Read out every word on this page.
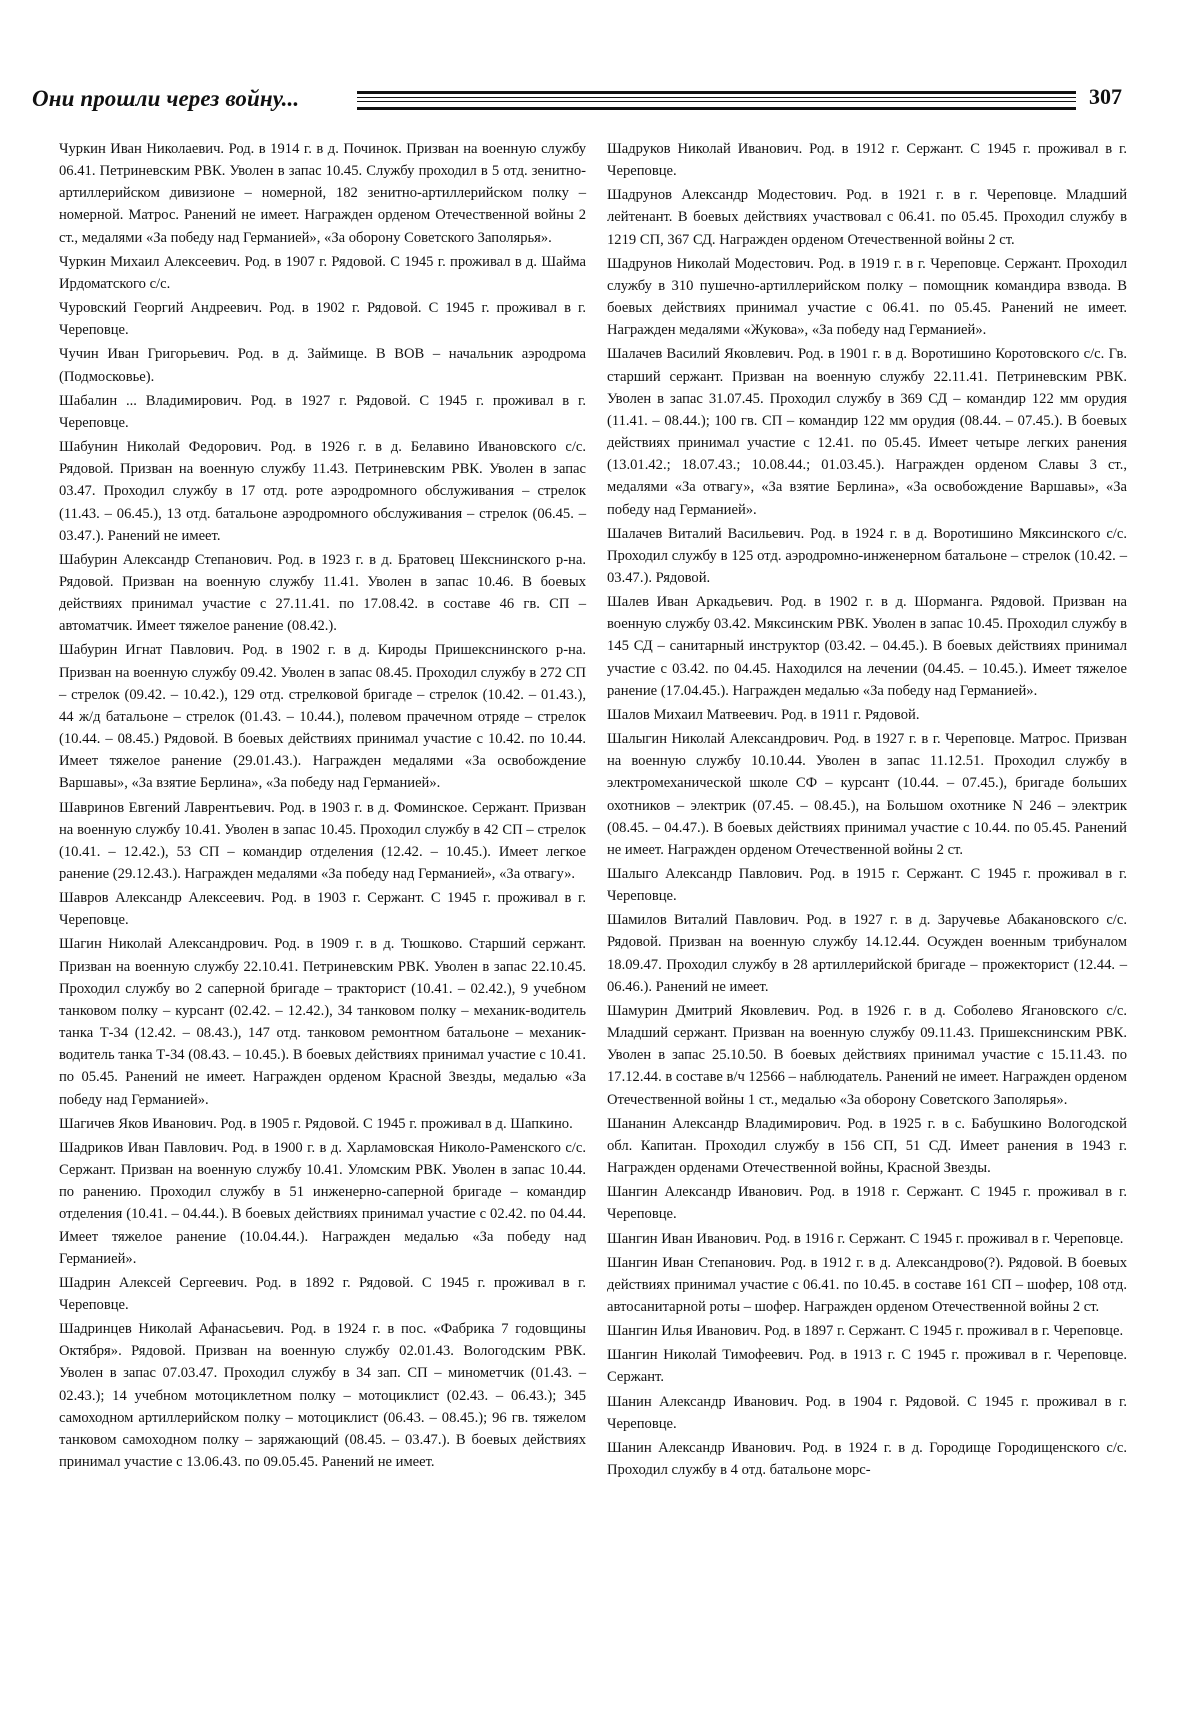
Они прошли через войну...	307

Чуркин Иван Николаевич. Род. в 1914 г. в д. Починок. Призван на военную службу 06.41. Петриневским РВК. Уволен в запас 10.45. Службу проходил в 5 отд. зенитно-артиллерийском дивизионе – номерной, 182 зенитно-артиллерийском полку – номерной. Матрос. Ранений не имеет. Награжден орденом Отечественной войны 2 ст., медалями «За победу над Германией», «За оборону Советского Заполярья».

Чуркин Михаил Алексеевич. Род. в 1907 г. Рядовой. С 1945 г. проживал в д. Шайма Ирдоматского с/с.

Чуровский Георгий Андреевич. Род. в 1902 г. Рядовой. С 1945 г. проживал в г. Череповце.

Чучин Иван Григорьевич. Род. в д. Займище. В ВОВ – начальник аэродрома (Подмосковье).

Шабалин ... Владимирович. Род. в 1927 г. Рядовой. С 1945 г. проживал в г. Череповце.

Шабунин Николай Федорович. Род. в 1926 г. в д. Белавино Ивановского с/с. Рядовой. Призван на военную службу 11.43. Петриневским РВК. Уволен в запас 03.47. Проходил службу в 17 отд. роте аэродромного обслуживания – стрелок (11.43. – 06.45.), 13 отд. батальоне аэродромного обслуживания – стрелок (06.45. – 03.47.). Ранений не имеет.

Шабурин Александр Степанович. Род. в 1923 г. в д. Братовец Шекснинского р-на. Рядовой. Призван на военную службу 11.41. Уволен в запас 10.46. В боевых действиях принимал участие с 27.11.41. по 17.08.42. в составе 46 гв. СП – автоматчик. Имеет тяжелое ранение (08.42.).

Шабурин Игнат Павлович. Род. в 1902 г. в д. Кироды Пришекснинского р-на. Призван на военную службу 09.42. Уволен в запас 08.45. Проходил службу в 272 СП – стрелок (09.42. – 10.42.), 129 отд. стрелковой бригаде – стрелок (10.42. – 01.43.), 44 ж/д батальоне – стрелок (01.43. – 10.44.), полевом прачечном отряде – стрелок (10.44. – 08.45.) Рядовой. В боевых действиях принимал участие с 10.42. по 10.44. Имеет тяжелое ранение (29.01.43.). Награжден медалями «За освобождение Варшавы», «За взятие Берлина», «За победу над Германией».

Шавринов Евгений Лаврентьевич. Род. в 1903 г. в д. Фоминское. Сержант. Призван на военную службу 10.41. Уволен в запас 10.45. Проходил службу в 42 СП – стрелок (10.41. – 12.42.), 53 СП – командир отделения (12.42. – 10.45.). Имеет легкое ранение (29.12.43.). Награжден медалями «За победу над Германией», «За отвагу».

Шавров Александр Алексеевич. Род. в 1903 г. Сержант. С 1945 г. проживал в г. Череповце.

Шагин Николай Александрович. Род. в 1909 г. в д. Тюшково. Старший сержант. Призван на военную службу 22.10.41. Петриневским РВК. Уволен в запас 22.10.45. Проходил службу во 2 саперной бригаде – тракторист (10.41. – 02.42.), 9 учебном танковом полку – курсант (02.42. – 12.42.), 34 танковом полку – механик-водитель танка Т-34 (12.42. – 08.43.), 147 отд. танковом ремонтном батальоне – механик-водитель танка Т-34 (08.43. – 10.45.). В боевых действиях принимал участие с 10.41. по 05.45. Ранений не имеет. Награжден орденом Красной Звезды, медалью «За победу над Германией».

Шагичев Яков Иванович. Род. в 1905 г. Рядовой. С 1945 г. проживал в д. Шапкино.

Шадриков Иван Павлович. Род. в 1900 г. в д. Харламовская Николо-Раменского с/с. Сержант. Призван на военную службу 10.41. Уломским РВК. Уволен в запас 10.44. по ранению. Проходил службу в 51 инженерно-саперной бригаде – командир отделения (10.41. – 04.44.). В боевых действиях принимал участие с 02.42. по 04.44. Имеет тяжелое ранение (10.04.44.). Награжден медалью «За победу над Германией».

Шадрин Алексей Сергеевич. Род. в 1892 г. Рядовой. С 1945 г. проживал в г. Череповце.

Шадринцев Николай Афанасьевич. Род. в 1924 г. в пос. «Фабрика 7 годовщины Октября». Рядовой. Призван на военную службу 02.01.43. Вологодским РВК. Уволен в запас 07.03.47. Проходил службу в 34 зап. СП – минометчик (01.43. – 02.43.); 14 учебном мотоциклетном полку – мотоциклист (02.43. – 06.43.); 345 самоходном артиллерийском полку – мотоциклист (06.43. – 08.45.); 96 гв. тяжелом танковом самоходном полку – заряжающий (08.45. – 03.47.). В боевых действиях принимал участие с 13.06.43. по 09.05.45. Ранений не имеет.

Шадруков Николай Иванович. Род. в 1912 г. Сержант. С 1945 г. проживал в г. Череповце.

Шадрунов Александр Модестович. Род. в 1921 г. в г. Череповце. Младший лейтенант. В боевых действиях участвовал с 06.41. по 05.45. Проходил службу в 1219 СП, 367 СД. Награжден орденом Отечественной войны 2 ст.

Шадрунов Николай Модестович. Род. в 1919 г. в г. Череповце. Сержант. Проходил службу в 310 пушечно-артиллерийском полку – помощник командира взвода. В боевых действиях принимал участие с 06.41. по 05.45. Ранений не имеет. Награжден медалями «Жукова», «За победу над Германией».

Шалачев Василий Яковлевич. Род. в 1901 г. в д. Воротишино Коротовского с/с. Гв. старший сержант. Призван на военную службу 22.11.41. Петриневским РВК. Уволен в запас 31.07.45. Проходил службу в 369 СД – командир 122 мм орудия (11.41. – 08.44.); 100 гв. СП – командир 122 мм орудия (08.44. – 07.45.). В боевых действиях принимал участие с 12.41. по 05.45. Имеет четыре легких ранения (13.01.42.; 18.07.43.; 10.08.44.; 01.03.45.). Награжден орденом Славы 3 ст., медалями «За отвагу», «За взятие Берлина», «За освобождение Варшавы», «За победу над Германией».

Шалачев Виталий Васильевич. Род. в 1924 г. в д. Воротишино Мяксинского с/с. Проходил службу в 125 отд. аэродромно-инженерном батальоне – стрелок (10.42. – 03.47.). Рядовой.

Шалев Иван Аркадьевич. Род. в 1902 г. в д. Шорманга. Рядовой. Призван на военную службу 03.42. Мяксинским РВК. Уволен в запас 10.45. Проходил службу в 145 СД – санитарный инструктор (03.42. – 04.45.). В боевых действиях принимал участие с 03.42. по 04.45. Находился на лечении (04.45. – 10.45.). Имеет тяжелое ранение (17.04.45.). Награжден медалью «За победу над Германией».

Шалов Михаил Матвеевич. Род. в 1911 г. Рядовой.

Шалыгин Николай Александрович. Род. в 1927 г. в г. Череповце. Матрос. Призван на военную службу 10.10.44. Уволен в запас 11.12.51. Проходил службу в электромеханической школе СФ – курсант (10.44. – 07.45.), бригаде больших охотников – электрик (07.45. – 08.45.), на Большом охотнике N 246 – электрик (08.45. – 04.47.). В боевых действиях принимал участие с 10.44. по 05.45. Ранений не имеет. Награжден орденом Отечественной войны 2 ст.

Шалыго Александр Павлович. Род. в 1915 г. Сержант. С 1945 г. проживал в г. Череповце.

Шамилов Виталий Павлович. Род. в 1927 г. в д. Заручевье Абакановского с/с. Рядовой. Призван на военную службу 14.12.44. Осужден военным трибуналом 18.09.47. Проходил службу в 28 артиллерийской бригаде – прожекторист (12.44. – 06.46.). Ранений не имеет.

Шамурин Дмитрий Яковлевич. Род. в 1926 г. в д. Соболево Ягановского с/с. Младший сержант. Призван на военную службу 09.11.43. Пришекснинским РВК. Уволен в запас 25.10.50. В боевых действиях принимал участие с 15.11.43. по 17.12.44. в составе в/ч 12566 – наблюдатель. Ранений не имеет. Награжден орденом Отечественной войны 1 ст., медалью «За оборону Советского Заполярья».

Шананин Александр Владимирович. Род. в 1925 г. в с. Бабушкино Вологодской обл. Капитан. Проходил службу в 156 СП, 51 СД. Имеет ранения в 1943 г. Награжден орденами Отечественной войны, Красной Звезды.

Шангин Александр Иванович. Род. в 1918 г. Сержант. С 1945 г. проживал в г. Череповце.

Шангин Иван Иванович. Род. в 1916 г. Сержант. С 1945 г. проживал в г. Череповце.

Шангин Иван Степанович. Род. в 1912 г. в д. Александрово(?). Рядовой. В боевых действиях принимал участие с 06.41. по 10.45. в составе 161 СП – шофер, 108 отд. автосанитарной роты – шофер. Награжден орденом Отечественной войны 2 ст.

Шангин Илья Иванович. Род. в 1897 г. Сержант. С 1945 г. проживал в г. Череповце.

Шангин Николай Тимофеевич. Род. в 1913 г. С 1945 г. проживал в г. Череповце. Сержант.

Шанин Александр Иванович. Род. в 1904 г. Рядовой. С 1945 г. проживал в г. Череповце.

Шанин Александр Иванович. Род. в 1924 г. в д. Городище Городищенского с/с. Проходил службу в 4 отд. батальоне морс-
